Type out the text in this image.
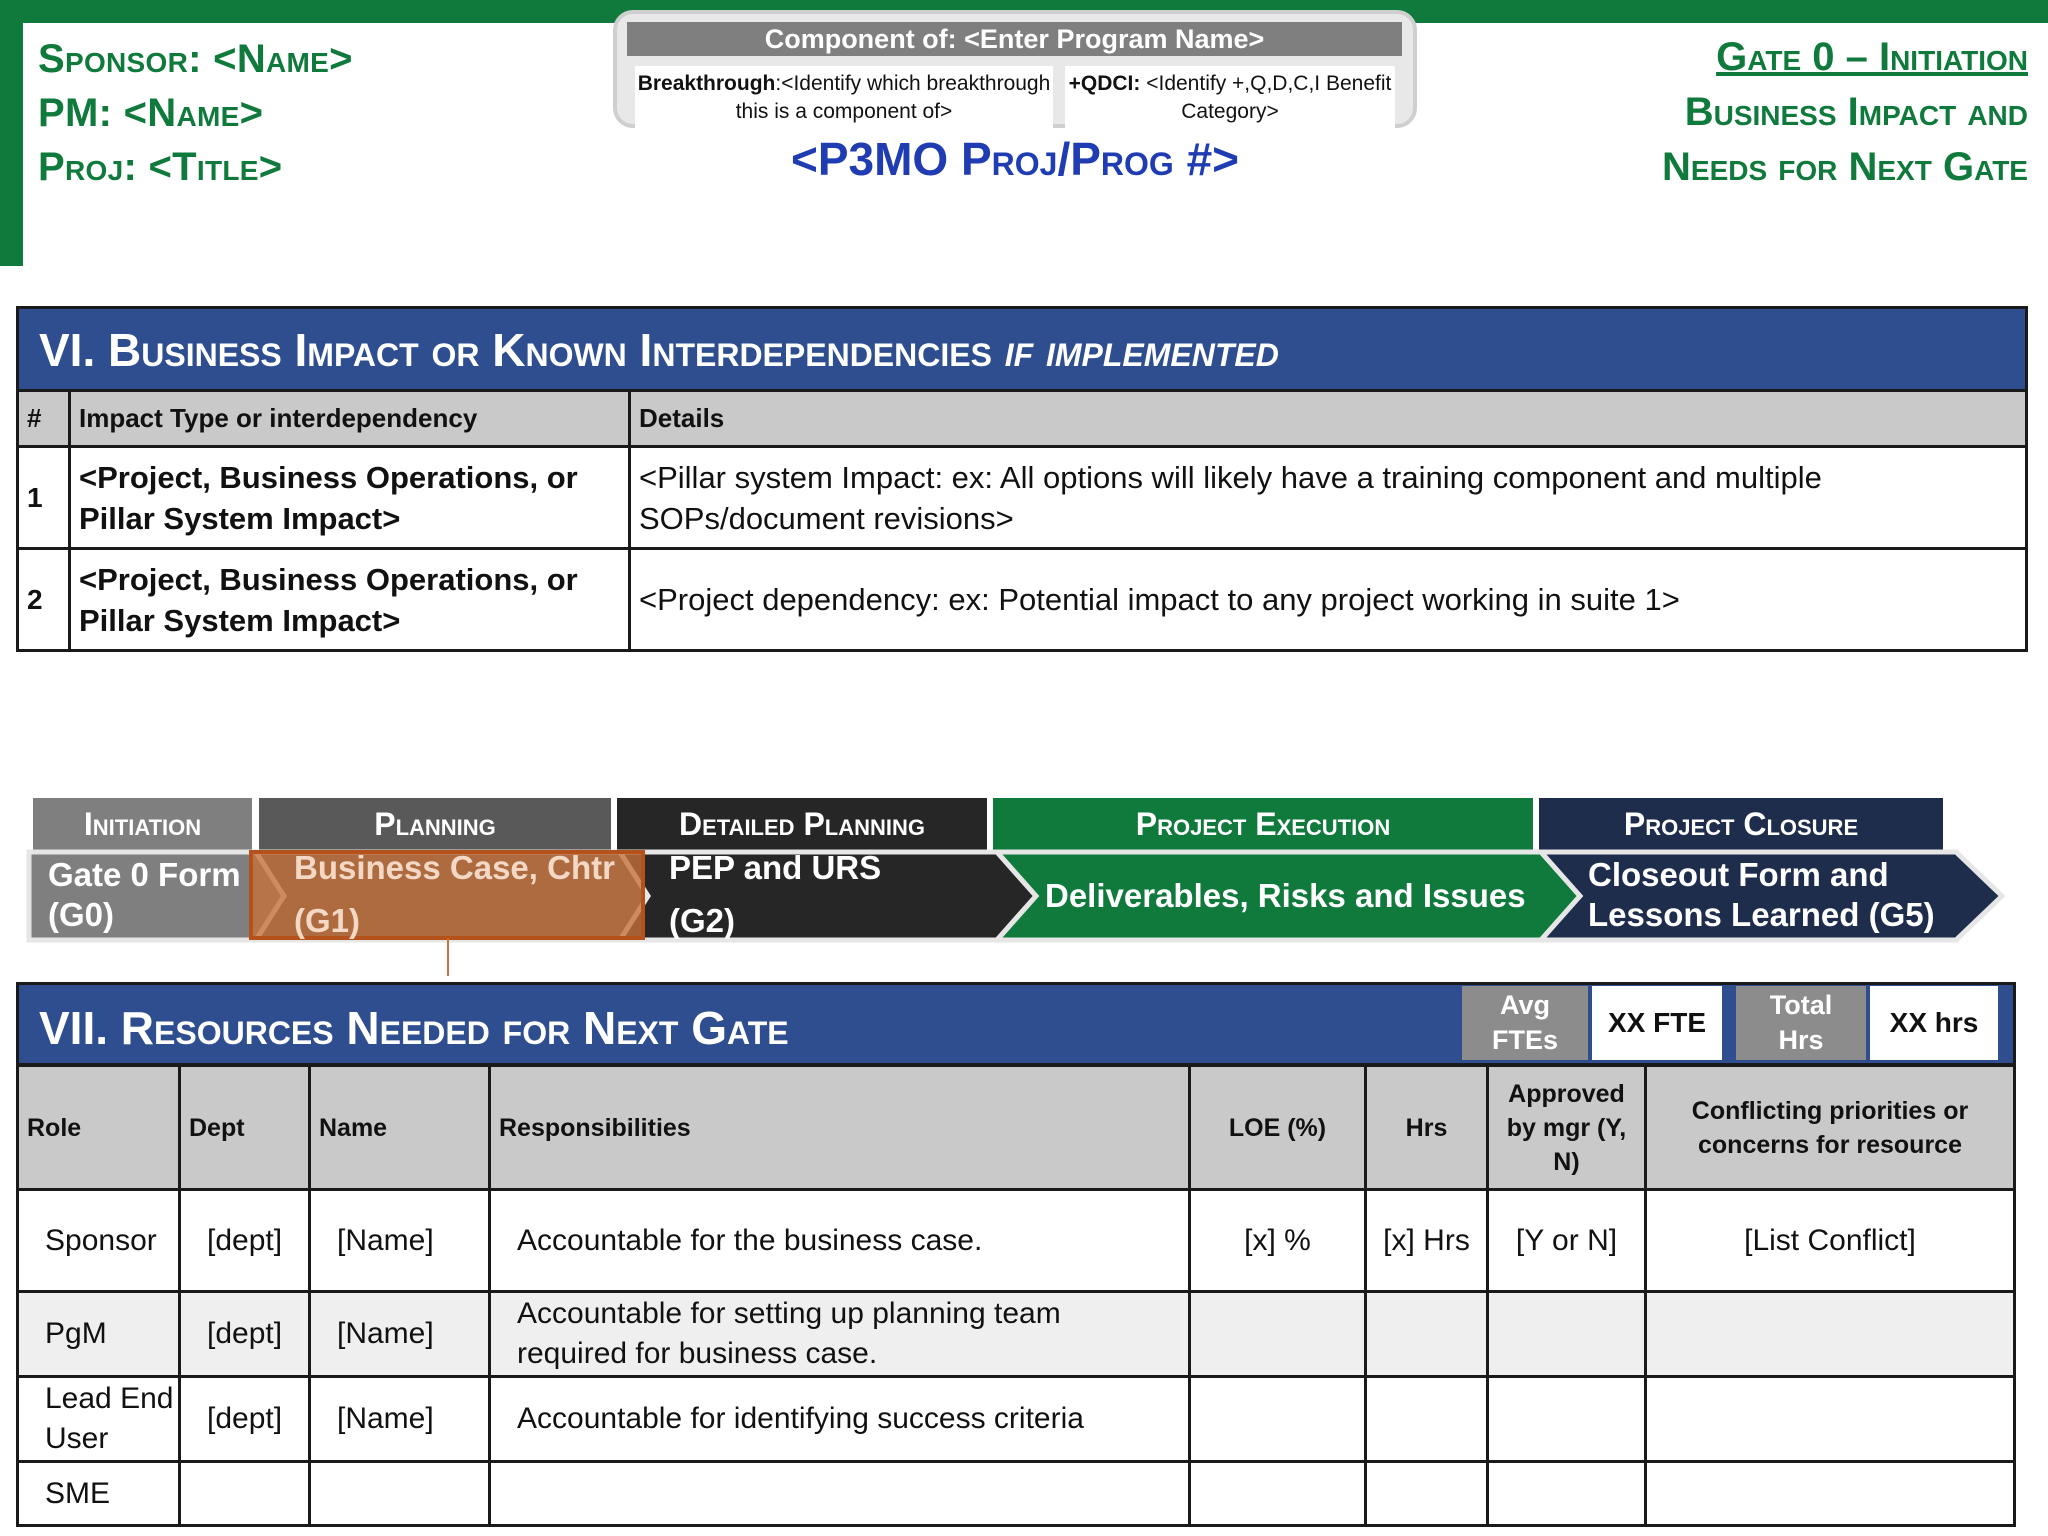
Sponsor: <Name>
PM: <Name>
Proj: <Title>
Component of: <Enter Program Name>
Breakthrough:<Identify which breakthrough this is a component of>
+QDCI: <Identify +,Q,D,C,I Benefit Category>
<P3MO Proj/Prog #>
Gate 0 – Initiation
Business Impact and
Needs for Next Gate
VI. Business Impact or Known Interdependencies if implemented
#	Impact Type or interdependency	Details
1	<Project, Business Operations, or Pillar System Impact>	<Pillar system Impact: ex: All options will likely have a training component and multiple SOPs/document revisions>
2	<Project, Business Operations, or Pillar System Impact>	<Project dependency: ex: Potential impact to any project working in suite 1>
Initiation	Planning	Detailed Planning	Project Execution	Project Closure
Gate 0 Form
(G0)
Business Case, Chtr
(G1)
PEP and URS
(G2)
Deliverables, Risks and Issues
Closeout Form and
Lessons Learned (G5)
VII. Resources Needed for Next Gate	Avg
FTEs
XX FTE
Total
Hrs
XX hrs
Role	Dept	Name	Responsibilities	LOE (%)	Hrs	Approved by mgr (Y, N)	Conflicting priorities or concerns for resource
Sponsor	[dept]	[Name]	Accountable for the business case.	[x] %	[x] Hrs	[Y or N]	[List Conflict]
PgM	[dept]	[Name]	Accountable for setting up planning team required for business case.				
Lead End User	[dept]	[Name]	Accountable for identifying success criteria				
SME							
